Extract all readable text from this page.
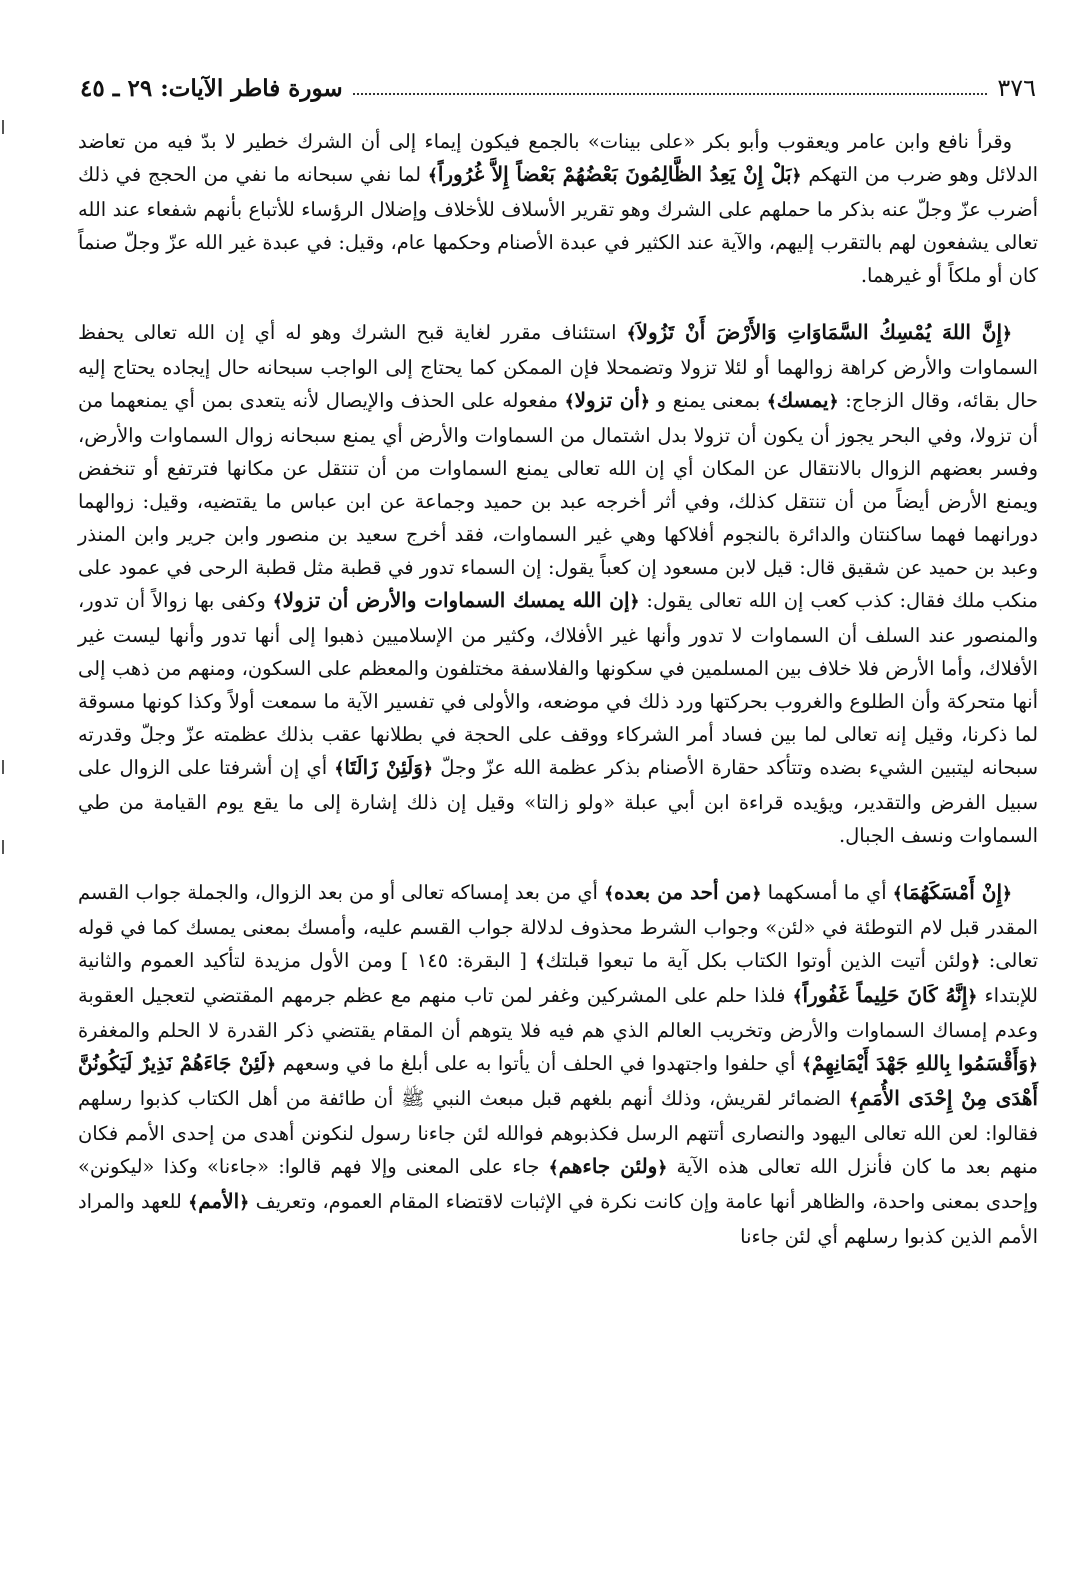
٣٧٦
سورة فاطر الآيات: ٢٩ ـ ٤٥

وقرأ نافع وابن عامر ويعقوب وأبو بكر «على بينات» بالجمع فيكون إيماء إلى أن الشرك خطير لا بدّ فيه من تعاضد الدلائل وهو ضرب من التهكم ﴿بَلْ إِنْ يَعِدُ الظَّالِمُونَ بَعْضُهُمْ بَعْضاً إِلاَّ غُرُوراً﴾ لما نفي سبحانه ما نفي من الحجج في ذلك أضرب عزّ وجلّ عنه بذكر ما حملهم على الشرك وهو تقرير الأسلاف للأخلاف وإضلال الرؤساء للأتباع بأنهم شفعاء عند الله تعالى يشفعون لهم بالتقرب إليهم، والآية عند الكثير في عبدة الأصنام وحكمها عام، وقيل: في عبدة غير الله عزّ وجلّ صنماً كان أو ملكاً أو غيرهما.

﴿إِنَّ اللهَ يُمْسِكُ السَّمَاوَاتِ وَالأَرْضَ أَنْ تَزُولاَ﴾ استئناف مقرر لغاية قبح الشرك وهو له أي إن الله تعالى يحفظ السماوات والأرض كراهة زوالهما أو لئلا تزولا وتضمحلا فإن الممكن كما يحتاج إلى الواجب سبحانه حال إيجاده يحتاج إليه حال بقائه، وقال الزجاج: ﴿يمسك﴾ بمعنى يمنع و ﴿أن تزولا﴾ مفعوله على الحذف والإيصال لأنه يتعدى بمن أي يمنعهما من أن تزولا، وفي البحر يجوز أن يكون أن تزولا بدل اشتمال من السماوات والأرض أي يمنع سبحانه زوال السماوات والأرض، وفسر بعضهم الزوال بالانتقال عن المكان أي إن الله تعالى يمنع السماوات من أن تنتقل عن مكانها فترتفع أو تنخفض ويمنع الأرض أيضاً من أن تنتقل كذلك، وفي أثر أخرجه عبد بن حميد وجماعة عن ابن عباس ما يقتضيه، وقيل: زوالهما دورانهما فهما ساكنتان والدائرة بالنجوم أفلاكها وهي غير السماوات، فقد أخرج سعيد بن منصور وابن جرير وابن المنذر وعبد بن حميد عن شقيق قال: قيل لابن مسعود إن كعباً يقول: إن السماء تدور في قطبة مثل قطبة الرحى في عمود على منكب ملك فقال: كذب كعب إن الله تعالى يقول: ﴿إن الله يمسك السماوات والأرض أن تزولا﴾ وكفى بها زوالاً أن تدور، والمنصور عند السلف أن السماوات لا تدور وأنها غير الأفلاك، وكثير من الإسلاميين ذهبوا إلى أنها تدور وأنها ليست غير الأفلاك، وأما الأرض فلا خلاف بين المسلمين في سكونها والفلاسفة مختلفون والمعظم على السكون، ومنهم من ذهب إلى أنها متحركة وأن الطلوع والغروب بحركتها ورد ذلك في موضعه، والأولى في تفسير الآية ما سمعت أولاً وكذا كونها مسوقة لما ذكرنا، وقيل إنه تعالى لما بين فساد أمر الشركاء ووقف على الحجة في بطلانها عقب بذلك عظمته عزّ وجلّ وقدرته سبحانه ليتبين الشيء بضده وتتأكد حقارة الأصنام بذكر عظمة الله عزّ وجلّ ﴿وَلَئِنْ زَالَتَا﴾ أي إن أشرفتا على الزوال على سبيل الفرض والتقدير، ويؤيده قراءة ابن أبي عبلة «ولو زالتا» وقيل إن ذلك إشارة إلى ما يقع يوم القيامة من طي السماوات ونسف الجبال.

﴿إِنْ أَمْسَكَهُمَا﴾ أي ما أمسكهما ﴿من أحد من بعده﴾ أي من بعد إمساكه تعالى أو من بعد الزوال، والجملة جواب القسم المقدر قبل لام التوطئة في «لئن» وجواب الشرط محذوف لدلالة جواب القسم عليه، وأمسك بمعنى يمسك كما في قوله تعالى: ﴿ولئن أتيت الذين أوتوا الكتاب بكل آية ما تبعوا قبلتك﴾ [ البقرة: ١٤٥ ] ومن الأول مزيدة لتأكيد العموم والثانية للإبتداء ﴿إِنَّهُ كَانَ حَلِيماً غَفُوراً﴾ فلذا حلم على المشركين وغفر لمن تاب منهم مع عظم جرمهم المقتضي لتعجيل العقوبة وعدم إمساك السماوات والأرض وتخريب العالم الذي هم فيه فلا يتوهم أن المقام يقتضي ذكر القدرة لا الحلم والمغفرة ﴿وَأَقْسَمُوا بِاللهِ جَهْدَ أَيْمَانِهِمْ﴾ أي حلفوا واجتهدوا في الحلف أن يأتوا به على أبلغ ما في وسعهم ﴿لَئِنْ جَاءَهُمْ نَذِيرٌ لَيَكُونُنَّ أَهْدَى مِنْ إِحْدَى الأُمَمِ﴾ الضمائر لقريش، وذلك أنهم بلغهم قبل مبعث النبي ﷺ أن طائفة من أهل الكتاب كذبوا رسلهم فقالوا: لعن الله تعالى اليهود والنصارى أتتهم الرسل فكذبوهم فوالله لئن جاءنا رسول لنكونن أهدى من إحدى الأمم فكان منهم بعد ما كان فأنزل الله تعالى هذه الآية ﴿ولئن جاءهم﴾ جاء على المعنى وإلا فهم قالوا: «جاءنا» وكذا «ليكونن» وإحدى بمعنى واحدة، والظاهر أنها عامة وإن كانت نكرة في الإثبات لاقتضاء المقام العموم، وتعريف ﴿الأمم﴾ للعهد والمراد الأمم الذين كذبوا رسلهم أي لئن جاءنا
